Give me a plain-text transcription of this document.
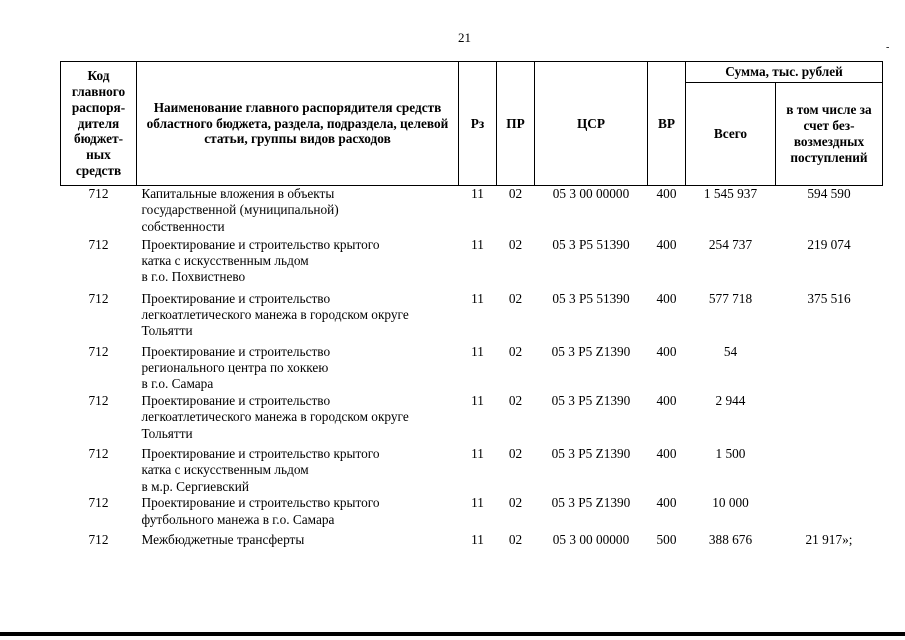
21
Код главного распоря-дителя бюджет-ных средств	Наименование главного распорядителя средств областного бюджета, раздела, подраздела, целевой статьи, группы видов расходов	Рз	ПР	ЦСР	ВР	Сумма, тыс. рублей	
						Всего	в том числе за счет без-возмездных поступлений
712	Капитальные вложения в объекты
государственной (муниципальной)
собственности	11	02	05 3 00 00000	400	1 545 937	594 590
712	Проектирование и строительство крытого
катка с искусственным льдом
в г.о. Похвистнево	11	02	05 3 Р5 51390	400	254 737	219 074
712	Проектирование и строительство
легкоатлетического манежа в городском округе
Тольятти	11	02	05 3 Р5 51390	400	577 718	375 516
712	Проектирование и строительство
регионального центра по хоккею
в г.о. Самара	11	02	05 3 Р5 Z1390	400	54	
712	Проектирование и строительство
легкоатлетического манежа в городском округе
Тольятти	11	02	05 3 Р5 Z1390	400	2 944	
712	Проектирование и строительство крытого
катка с искусственным льдом
в м.р. Сергиевский	11	02	05 3 Р5 Z1390	400	1 500	
712	Проектирование и строительство крытого
футбольного манежа в г.о. Самара	11	02	05 3 Р5 Z1390	400	10 000	
712	Межбюджетные трансферты	11	02	05 3 00 00000	500	388 676	21 917»;
-
